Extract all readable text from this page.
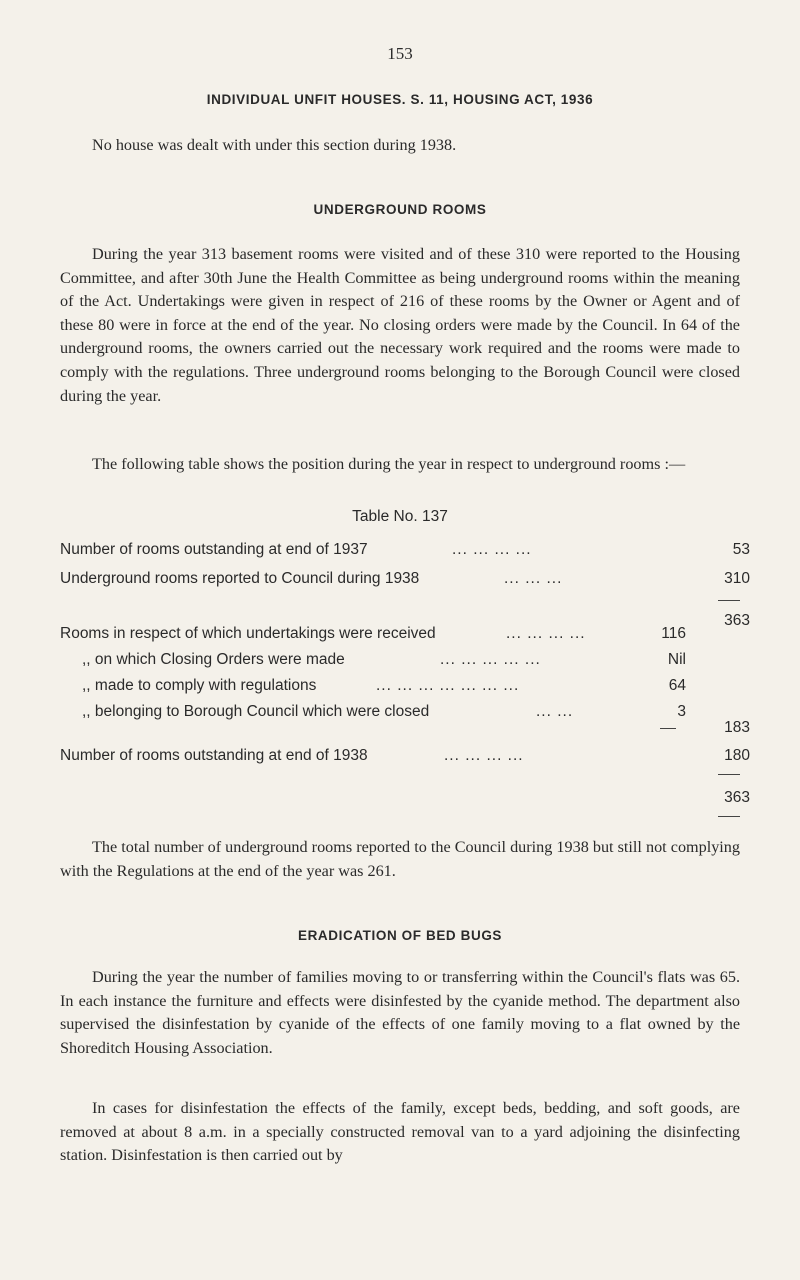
153
INDIVIDUAL UNFIT HOUSES. S. 11, HOUSING ACT, 1936

No house was dealt with under this section during 1938.

UNDERGROUND ROOMS

During the year 313 basement rooms were visited and of these 310 were reported to the Housing Committee, and after 30th June the Health Committee as being underground rooms within the meaning of the Act. Undertakings were given in respect of 216 of these rooms by the Owner or Agent and of these 80 were in force at the end of the year. No closing orders were made by the Council. In 64 of the underground rooms, the owners carried out the necessary work required and the rooms were made to comply with the regulations. Three underground rooms belonging to the Borough Council were closed during the year.

The following table shows the position during the year in respect to underground rooms :—

Table No. 137
Number of rooms outstanding at end of 1937	... ... ... ...	53
Underground rooms reported to Council during 1938	... ... ...	310
363
Rooms in respect of which undertakings were received	... ... ... ...	116
,, on which Closing Orders were made	... ... ... ... ...	Nil
,, made to comply with regulations	... ... ... ... ... ... ...	64
,, belonging to Borough Council which were closed	... ...	3
183
Number of rooms outstanding at end of 1938	... ... ... ...	180
363

The total number of underground rooms reported to the Council during 1938 but still not complying with the Regulations at the end of the year was 261.

ERADICATION OF BED BUGS

During the year the number of families moving to or transferring within the Council's flats was 65. In each instance the furniture and effects were disinfested by the cyanide method. The department also supervised the disinfestation by cyanide of the effects of one family moving to a flat owned by the Shoreditch Housing Association.

In cases for disinfestation the effects of the family, except beds, bedding, and soft goods, are removed at about 8 a.m. in a specially constructed removal van to a yard adjoining the disinfecting station. Disinfestation is then carried out by
